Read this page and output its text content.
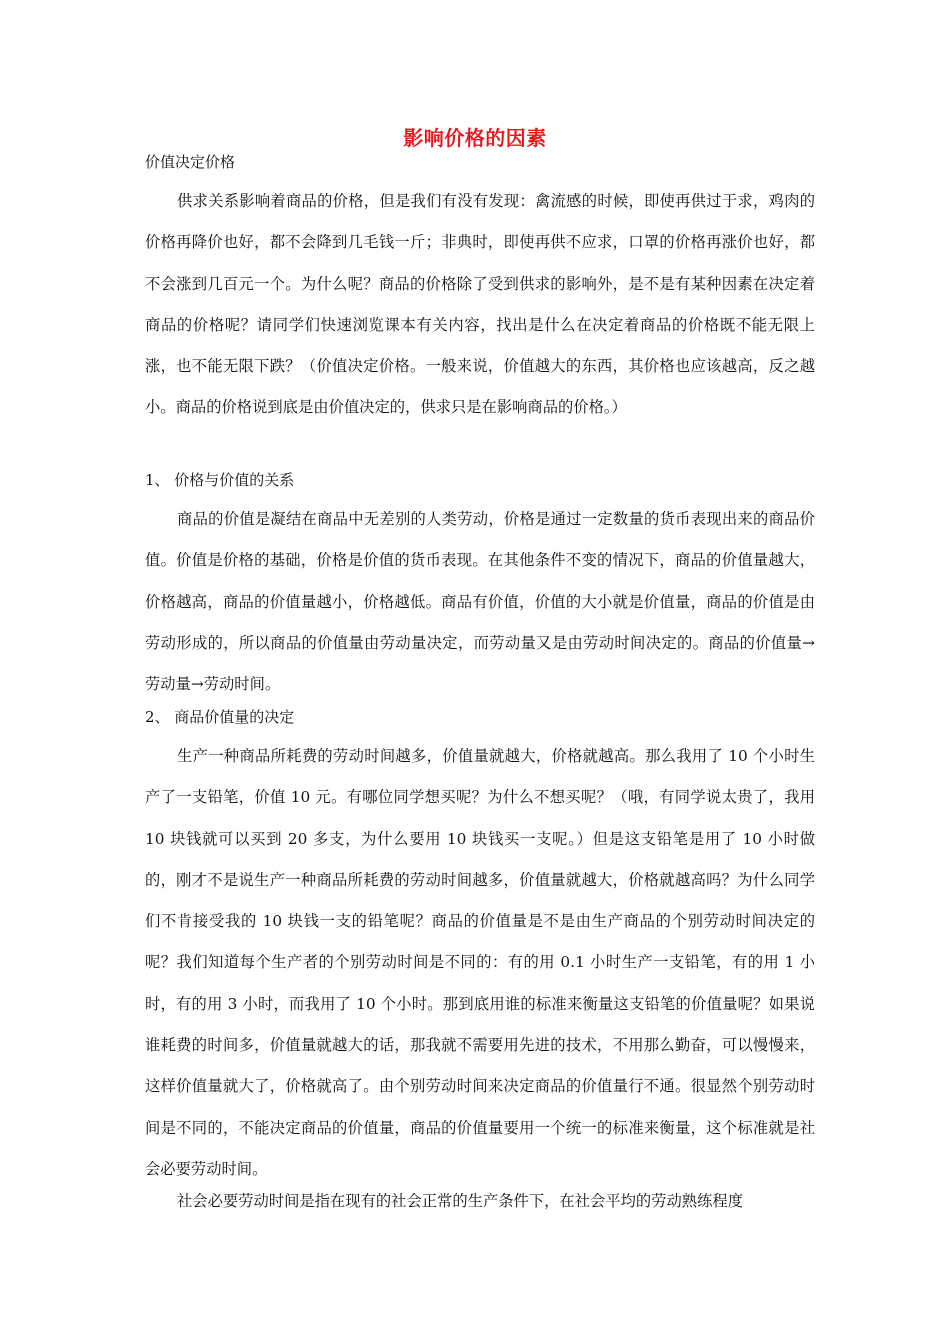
影响价格的因素
价值决定价格
供求关系影响着商品的价格，但是我们有没有发现：禽流感的时候，即使再供过于求，鸡肉的价格再降价也好，都不会降到几毛钱一斤；非典时，即使再供不应求，口罩的价格再涨价也好，都不会涨到几百元一个。为什么呢？商品的价格除了受到供求的影响外，是不是有某种因素在决定着商品的价格呢？请同学们快速浏览课本有关内容，找出是什么在决定着商品的价格既不能无限上涨，也不能无限下跌？（价值决定价格。一般来说，价值越大的东西，其价格也应该越高，反之越小。商品的价格说到底是由价值决定的，供求只是在影响商品的价格。）
1、 价格与价值的关系
商品的价值是凝结在商品中无差别的人类劳动，价格是通过一定数量的货币表现出来的商品价值。价值是价格的基础，价格是价值的货币表现。在其他条件不变的情况下，商品的价值量越大，价格越高，商品的价值量越小，价格越低。商品有价值，价值的大小就是价值量，商品的价值是由劳动形成的，所以商品的价值量由劳动量决定，而劳动量又是由劳动时间决定的。商品的价值量→劳动量→劳动时间。
2、 商品价值量的决定
生产一种商品所耗费的劳动时间越多，价值量就越大，价格就越高。那么我用了 10 个小时生产了一支铅笔，价值 10 元。有哪位同学想买呢？为什么不想买呢？（哦，有同学说太贵了，我用 10 块钱就可以买到 20 多支，为什么要用 10 块钱买一支呢。）但是这支铅笔是用了 10 小时做的，刚才不是说生产一种商品所耗费的劳动时间越多，价值量就越大，价格就越高吗？为什么同学们不肯接受我的 10 块钱一支的铅笔呢？商品的价值量是不是由生产商品的个别劳动时间决定的呢？我们知道每个生产者的个别劳动时间是不同的：有的用 0.1 小时生产一支铅笔，有的用 1 小时，有的用 3 小时，而我用了 10 个小时。那到底用谁的标准来衡量这支铅笔的价值量呢？如果说谁耗费的时间多，价值量就越大的话，那我就不需要用先进的技术，不用那么勤奋，可以慢慢来，这样价值量就大了，价格就高了。由个别劳动时间来决定商品的价值量行不通。很显然个别劳动时间是不同的，不能决定商品的价值量，商品的价值量要用一个统一的标准来衡量，这个标准就是社会必要劳动时间。
社会必要劳动时间是指在现有的社会正常的生产条件下，在社会平均的劳动熟练程度
